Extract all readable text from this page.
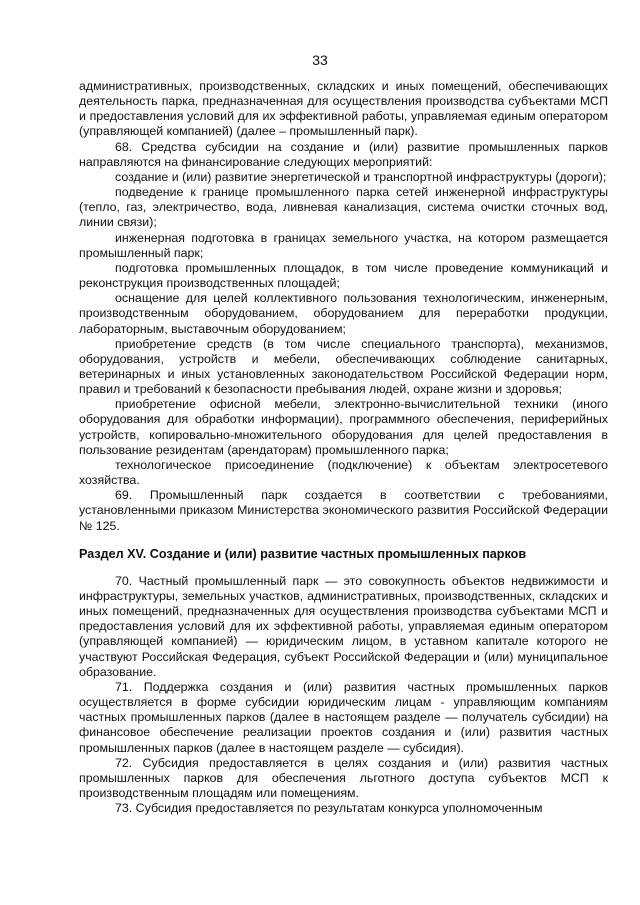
33

административных, производственных, складских и иных помещений, обеспечивающих деятельность парка, предназначенная для осуществления производства субъектами МСП и предоставления условий для их эффективной работы, управляемая единым оператором (управляющей компанией) (далее – промышленный парк).

68. Средства субсидии на создание и (или) развитие промышленных парков направляются на финансирование следующих мероприятий:

создание и (или) развитие энергетической и транспортной инфраструктуры (дороги);

подведение к границе промышленного парка сетей инженерной инфраструктуры (тепло, газ, электричество, вода, ливневая канализация, система очистки сточных вод, линии связи);

инженерная подготовка в границах земельного участка, на котором размещается промышленный парк;

подготовка промышленных площадок, в том числе проведение коммуникаций и реконструкция производственных площадей;

оснащение для целей коллективного пользования технологическим, инженерным, производственным оборудованием, оборудованием для переработки продукции, лабораторным, выставочным оборудованием;

приобретение средств (в том числе специального транспорта), механизмов, оборудования, устройств и мебели, обеспечивающих соблюдение санитарных, ветеринарных и иных установленных законодательством Российской Федерации норм, правил и требований к безопасности пребывания людей, охране жизни и здоровья;

приобретение офисной мебели, электронно-вычислительной техники (иного оборудования для обработки информации), программного обеспечения, периферийных устройств, копировально-множительного оборудования для целей предоставления в пользование резидентам (арендаторам) промышленного парка;

технологическое присоединение (подключение) к объектам электросетевого хозяйства.

69. Промышленный парк создается в соответствии с требованиями, установленными приказом Министерства экономического развития Российской Федерации № 125.

Раздел XV. Создание и (или) развитие частных промышленных парков

70. Частный промышленный парк — это совокупность объектов недвижимости и инфраструктуры, земельных участков, административных, производственных, складских и иных помещений, предназначенных для осуществления производства субъектами МСП и предоставления условий для их эффективной работы, управляемая единым оператором (управляющей компанией) — юридическим лицом, в уставном капитале которого не участвуют Российская Федерация, субъект Российской Федерации и (или) муниципальное образование.

71. Поддержка создания и (или) развития частных промышленных парков осуществляется в форме субсидии юридическим лицам - управляющим компаниям частных промышленных парков (далее в настоящем разделе — получатель субсидии) на финансовое обеспечение реализации проектов создания и (или) развития частных промышленных парков (далее в настоящем разделе — субсидия).

72. Субсидия предоставляется в целях создания и (или) развития частных промышленных парков для обеспечения льготного доступа субъектов МСП к производственным площадям или помещениям.

73. Субсидия предоставляется по результатам конкурса уполномоченным
